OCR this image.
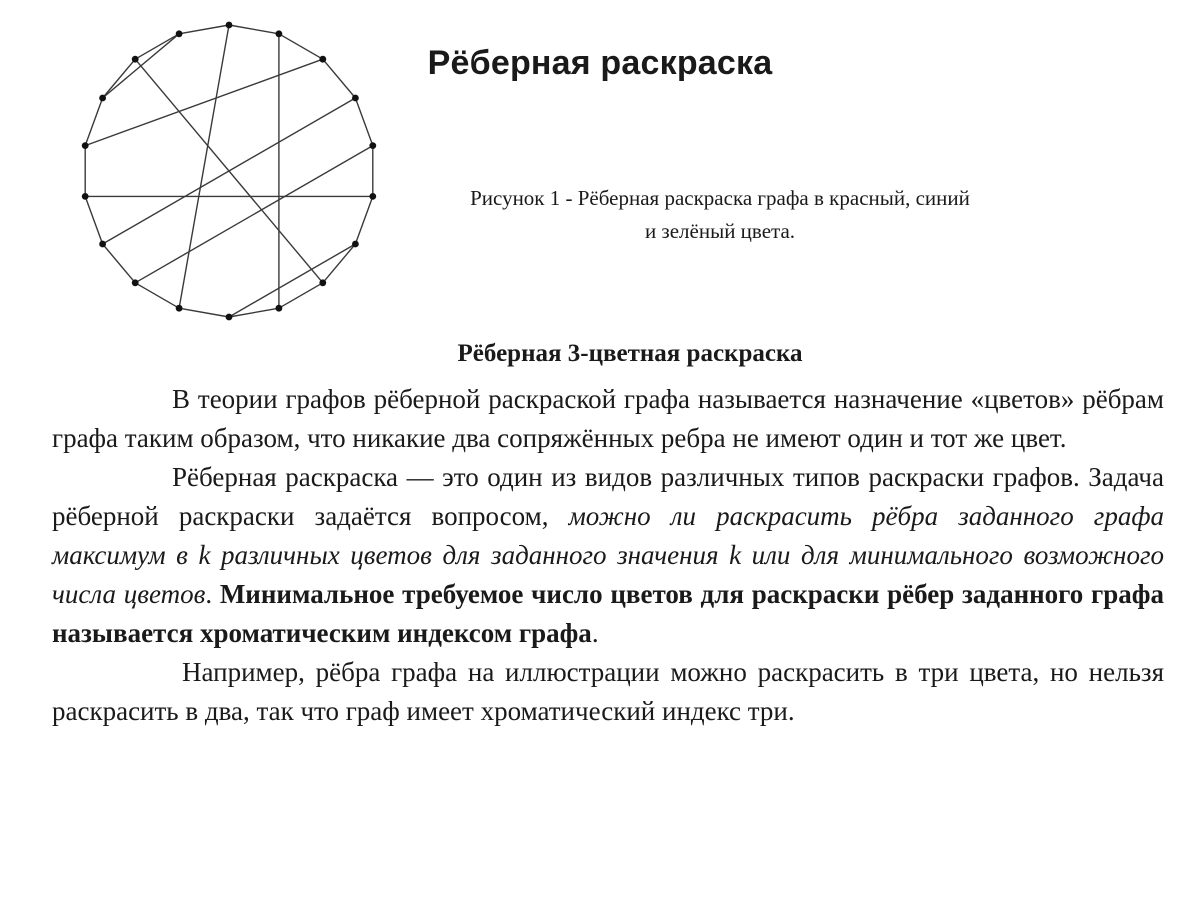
Рёберная раскраска
Рисунок 1 - Рёберная раскраска графа в красный, синий
и зелёный цвета.
Рёберная 3-цветная раскраска

В теории графов рёберной раскраской графа называется назначение «цветов» рёбрам графа таким образом, что никакие два сопряжённых ребра не имеют один и тот же цвет.

Рёберная раскраска — это один из видов различных типов раскраски графов. Задача рёберной раскраски задаётся вопросом, можно ли раскрасить рёбра заданного графа максимум в k различных цветов для заданного значения k или для минимального возможного числа цветов. Минимальное требуемое число цветов для раскраски рёбер заданного графа называется хроматическим индексом графа.

Например, рёбра графа на иллюстрации можно раскрасить в три цвета, но нельзя раскрасить в два, так что граф имеет хроматический индекс три.
